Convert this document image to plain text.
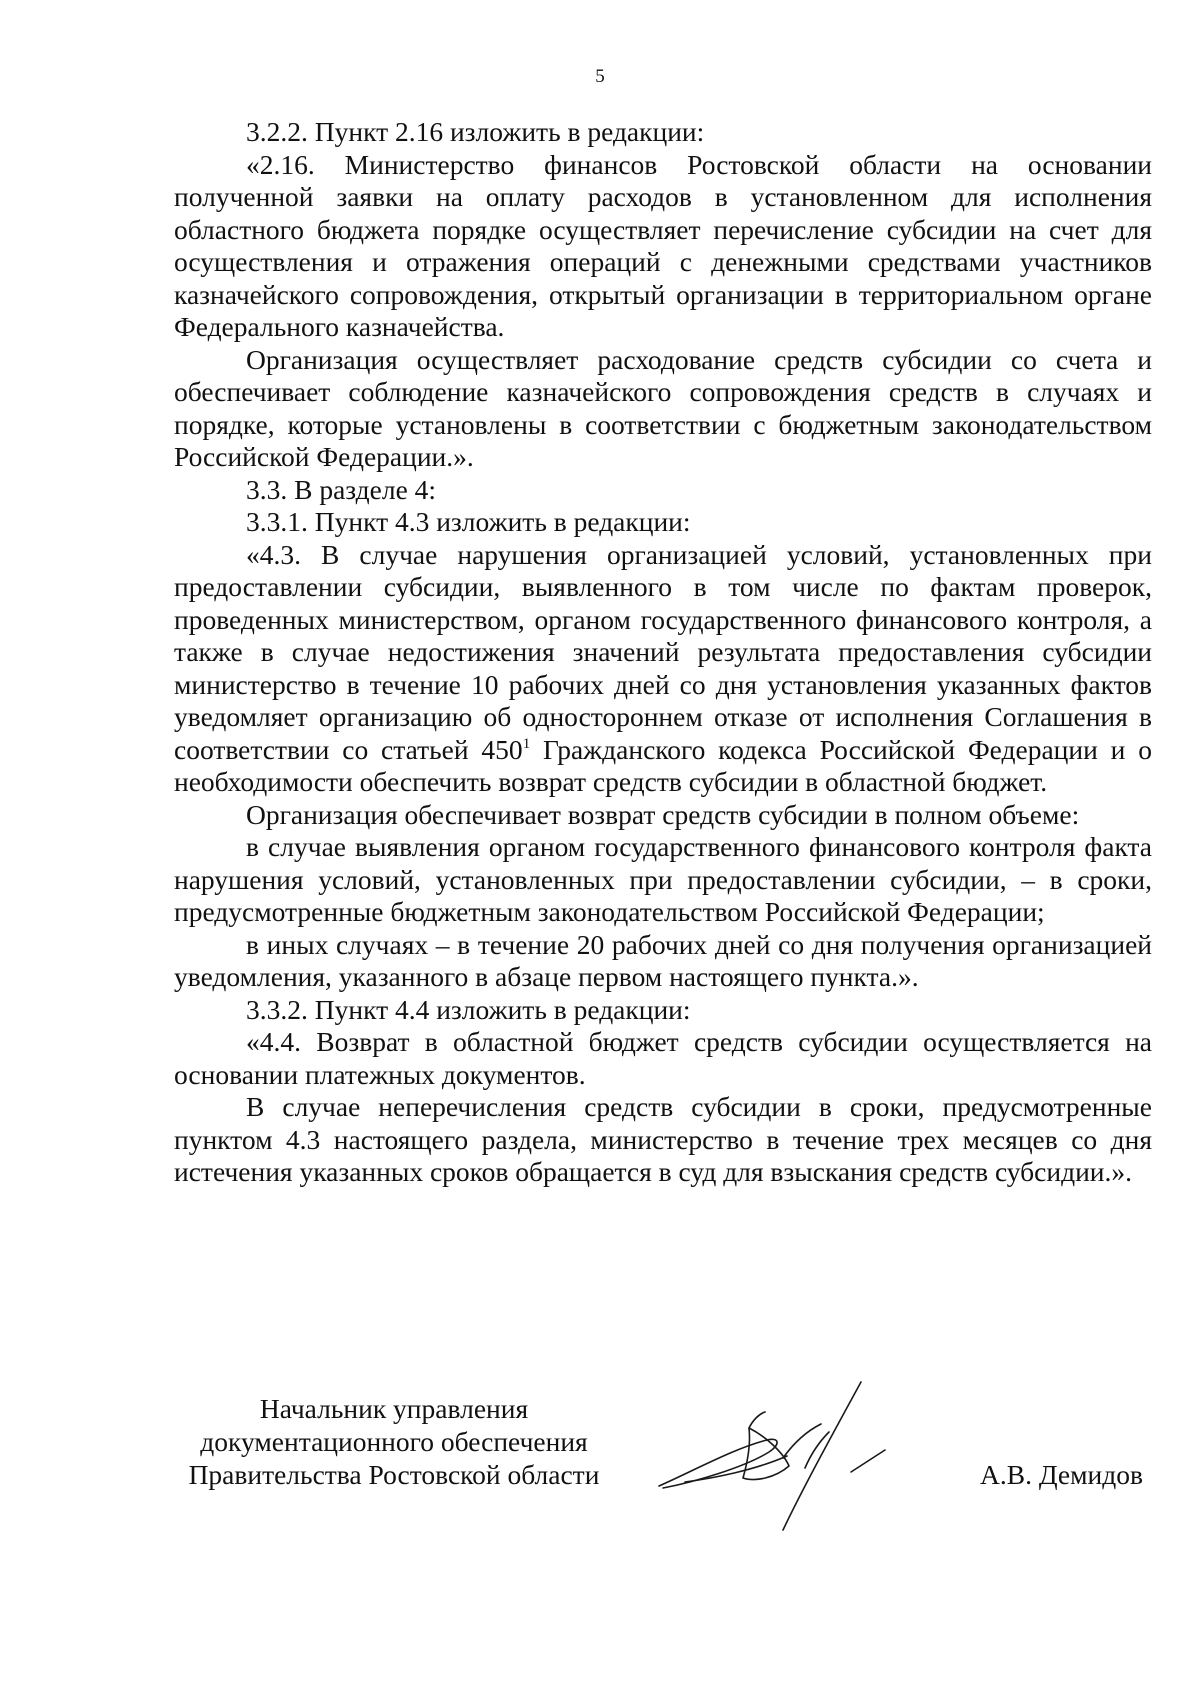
5

3.2.2. Пункт 2.16 изложить в редакции:

«2.16. Министерство финансов Ростовской области на основании полученной заявки на оплату расходов в установленном для исполнения областного бюджета порядке осуществляет перечисление субсидии на счет для осуществления и отражения операций с денежными средствами участников казначейского сопровождения, открытый организации в территориальном органе Федерального казначейства.

Организация осуществляет расходование средств субсидии со счета и обеспечивает соблюдение казначейского сопровождения средств в случаях и порядке, которые установлены в соответствии с бюджетным законодательством Российской Федерации.».

3.3. В разделе 4:

3.3.1. Пункт 4.3 изложить в редакции:

«4.3. В случае нарушения организацией условий, установленных при предоставлении субсидии, выявленного в том числе по фактам проверок, проведенных министерством, органом государственного финансового контроля, а также в случае недостижения значений результата предоставления субсидии министерство в течение 10 рабочих дней со дня установления указанных фактов уведомляет организацию об одностороннем отказе от исполнения Соглашения в соответствии со статьей $450^1$ Гражданского кодекса Российской Федерации и о необходимости обеспечить возврат средств субсидии в областной бюджет.

Организация обеспечивает возврат средств субсидии в полном объеме:

в случае выявления органом государственного финансового контроля факта нарушения условий, установленных при предоставлении субсидии, – в сроки, предусмотренные бюджетным законодательством Российской Федерации;

в иных случаях – в течение 20 рабочих дней со дня получения организацией уведомления, указанного в абзаце первом настоящего пункта.».

3.3.2. Пункт 4.4 изложить в редакции:

«4.4. Возврат в областной бюджет средств субсидии осуществляется на основании платежных документов.

В случае неперечисления средств субсидии в сроки, предусмотренные пунктом 4.3 настоящего раздела, министерство в течение трех месяцев со дня истечения указанных сроков обращается в суд для взыскания средств субсидии.».

Начальник управления
документационного обеспечения
Правительства Ростовской области	А.В. Демидов
